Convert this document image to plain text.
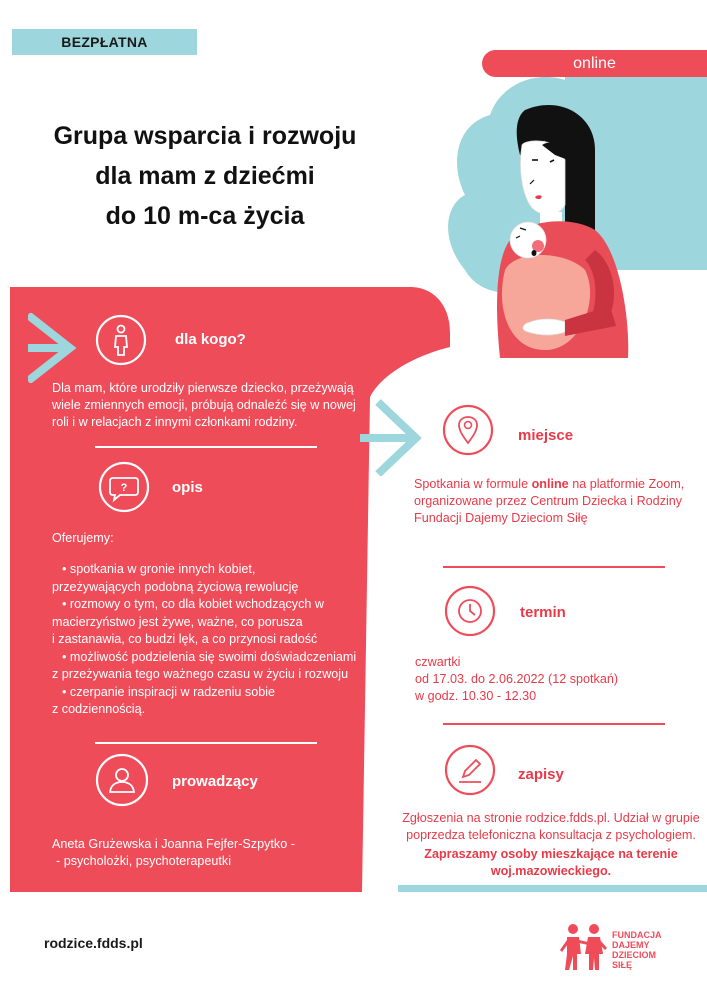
BEZPŁATNA
online
Grupa wsparcia i rozwoju
dla mam z dziećmi
do 10 m-ca życia
dla kogo?
Dla mam, które urodziły pierwsze dziecko, przeżywają
wiele zmiennych emocji, próbują odnaleźć się w nowej
roli i w relacjach z innymi członkami rodziny.
?	opis
Oferujemy:
• spotkania w gronie innych kobiet,
przeżywających podobną życiową rewolucję
• rozmowy o tym, co dla kobiet wchodzących w
macierzyństwo jest żywe, ważne, co porusza
i zastanawia, co budzi lęk, a co przynosi radość
• możliwość podzielenia się swoimi doświadczeniami
z przeżywania tego ważnego czasu w życiu i rozwoju
• czerpanie inspiracji w radzeniu sobie
z codziennością.
prowadzący
Aneta Grużewska i Joanna Fejfer-Szpytko -
- psycholożki, psychoterapeutki
miejsce
Spotkania w formule online na platformie Zoom,
organizowane przez Centrum Dziecka i Rodziny
Fundacji Dajemy Dzieciom Siłę
termin
czwartki
od 17.03. do 2.06.2022 (12 spotkań)
w godz. 10.30 - 12.30
zapisy
Zgłoszenia na stronie rodzice.fdds.pl. Udział w grupie
poprzedza telefoniczna konsultacja z psychologiem.
Zapraszamy osoby mieszkające na terenie
woj.mazowieckiego.
rodzice.fdds.pl	FUNDACJA
DAJEMY
DZIECIOM
SIŁĘ
